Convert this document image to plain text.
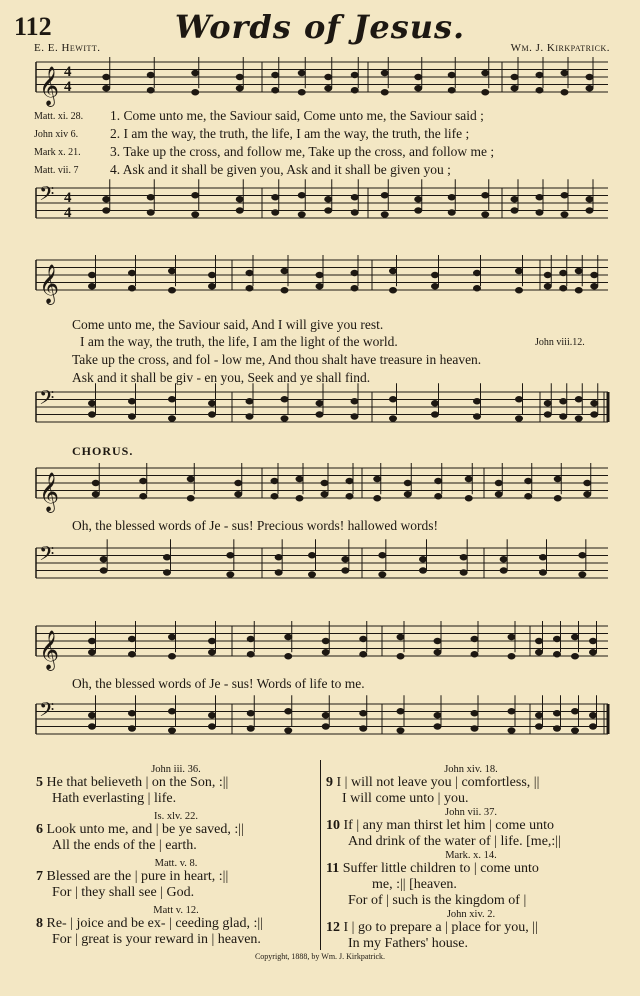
112	Words of Jesus.
E. E. Hewitt.	Wm. J. Kirkpatrick.
𝄞 4
4
Matt. xi. 28.
John xiv 6.
Mark x. 21.
Matt. vii. 7
1. Come unto me, the Saviour said, Come unto me, the Saviour said ;
2. I am the way, the truth, the life, I am the way, the truth, the life ;
3. Take up the cross, and follow me, Take up the cross, and follow me ;
4. Ask and it shall be given you, Ask and it shall be given you ;
𝄢 4
4
𝄞
Come unto me, the Saviour said, And I will give you rest.
I am the way, the truth, the life, I am the light of the world.	John viii.12.
Take up the cross, and fol - low me, And thou shalt have treasure in heaven.
Ask and it shall be giv - en you, Seek and ye shall find.
𝄢
CHORUS.
𝄞
Oh, the blessed words of Je - sus! Precious words! hallowed words!
𝄢
𝄞
Oh, the blessed words of Je - sus! Words of life to me.
𝄢
John iii. 36.
5 He that believeth | on the Son, :||
Hath everlasting | life.
Is. xlv. 22.
6 Look unto me, and | be ye saved, :||
All the ends of the | earth.
Matt. v. 8.
7 Blessed are the | pure in heart, :||
For | they shall see | God.
Matt v. 12.
8 Re- | joice and be ex- | ceeding glad, :||
For | great is your reward in | heaven.
John xiv. 18.
9 I | will not leave you | comfortless, ||
I will come unto | you.
John vii. 37.
10 If | any man thirst let him | come unto
And drink of the water of | life. [me,:||
Mark. x. 14.
11 Suffer little children to | come unto
me, :|| [heaven.
For of | such is the kingdom of |
John xiv. 2.
12 I | go to prepare a | place for you, ||
In my Fathers' house.
Copyright, 1888, by Wm. J. Kirkpatrick.
